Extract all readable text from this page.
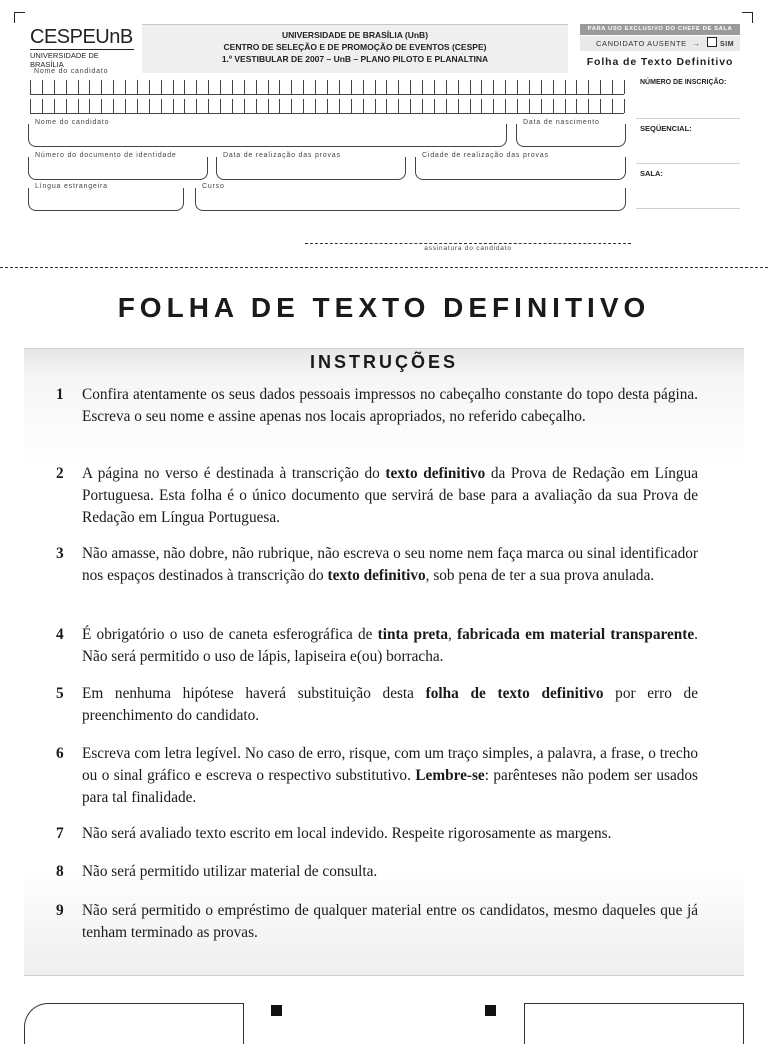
CESPEUnB
UNIVERSIDADE DE BRASÍLIA
UNIVERSIDADE DE BRASÍLIA (UnB)
CENTRO DE SELEÇÃO E DE PROMOÇÃO DE EVENTOS (CESPE)
1.º VESTIBULAR DE 2007 – UnB – PLANO PILOTO E PLANALTINA
PARA USO EXCLUSIVO DO CHEFE DE SALA
CANDIDATO AUSENTE →	SIM
Folha de Texto Definitivo
Nome do candidato
NÚMERO DE INSCRIÇÃO:
SEQÜENCIAL:
SALA:
Nome do candidato	Data de nascimento
Número do documento de identidade	Data de realização das provas	Cidade de realização das provas
Língua estrangeira	Curso
assinatura do candidato
FOLHA DE TEXTO DEFINITIVO
INSTRUÇÕES
1	Confira atentamente os seus dados pessoais impressos no cabeçalho constante do topo desta página. Escreva o seu nome e assine apenas nos locais apropriados, no referido cabeçalho.
2	A página no verso é destinada à transcrição do texto definitivo da Prova de Redação em Língua Portuguesa. Esta folha é o único documento que servirá de base para a avaliação da sua Prova de Redação em Língua Portuguesa.
3	Não amasse, não dobre, não rubrique, não escreva o seu nome nem faça marca ou sinal identificador nos espaços destinados à transcrição do texto definitivo, sob pena de ter a sua prova anulada.
4	É obrigatório o uso de caneta esferográfica de tinta preta, fabricada em material transparente. Não será permitido o uso de lápis, lapiseira e(ou) borracha.
5	Em nenhuma hipótese haverá substituição desta folha de texto definitivo por erro de preenchimento do candidato.
6	Escreva com letra legível. No caso de erro, risque, com um traço simples, a palavra, a frase, o trecho ou o sinal gráfico e escreva o respectivo substitutivo. Lembre-se: parênteses não podem ser usados para tal finalidade.
7	Não será avaliado texto escrito em local indevido. Respeite rigorosamente as margens.
8	Não será permitido utilizar material de consulta.
9	Não será permitido o empréstimo de qualquer material entre os candidatos, mesmo daqueles que já tenham terminado as provas.
